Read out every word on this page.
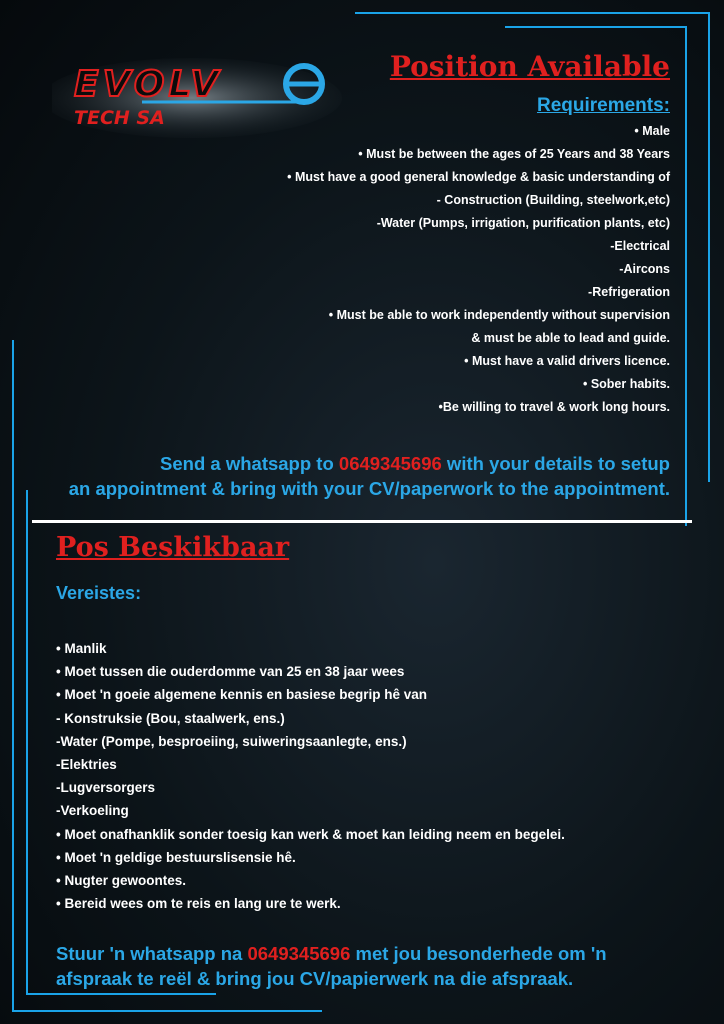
EVOLV
TECH SA
Position Available
Requirements:
• Male
• Must be between the ages of 25 Years and 38 Years
• Must have a good general knowledge & basic understanding of
- Construction (Building, steelwork,etc)
-Water (Pumps, irrigation, purification plants, etc)
-Electrical
-Aircons
-Refrigeration
• Must be able to work independently without supervision
& must be able to lead and guide.
• Must have a valid drivers licence.
• Sober habits.
•Be willing to travel & work long hours.
Send a whatsapp to 0649345696 with your details to setup
an appointment & bring with your CV/paperwork to the appointment.
Pos Beskikbaar
Vereistes:
• Manlik
• Moet tussen die ouderdomme van 25 en 38 jaar wees
• Moet 'n goeie algemene kennis en basiese begrip hê van
- Konstruksie (Bou, staalwerk, ens.)
-Water (Pompe, besproeiing, suiweringsaanlegte, ens.)
-Elektries
-Lugversorgers
-Verkoeling
• Moet onafhanklik sonder toesig kan werk & moet kan leiding neem en begelei.
• Moet 'n geldige bestuurslisensie hê.
• Nugter gewoontes.
• Bereid wees om te reis en lang ure te werk.
Stuur 'n whatsapp na 0649345696 met jou besonderhede om 'n
afspraak te reël & bring jou CV/papierwerk na die afspraak.
